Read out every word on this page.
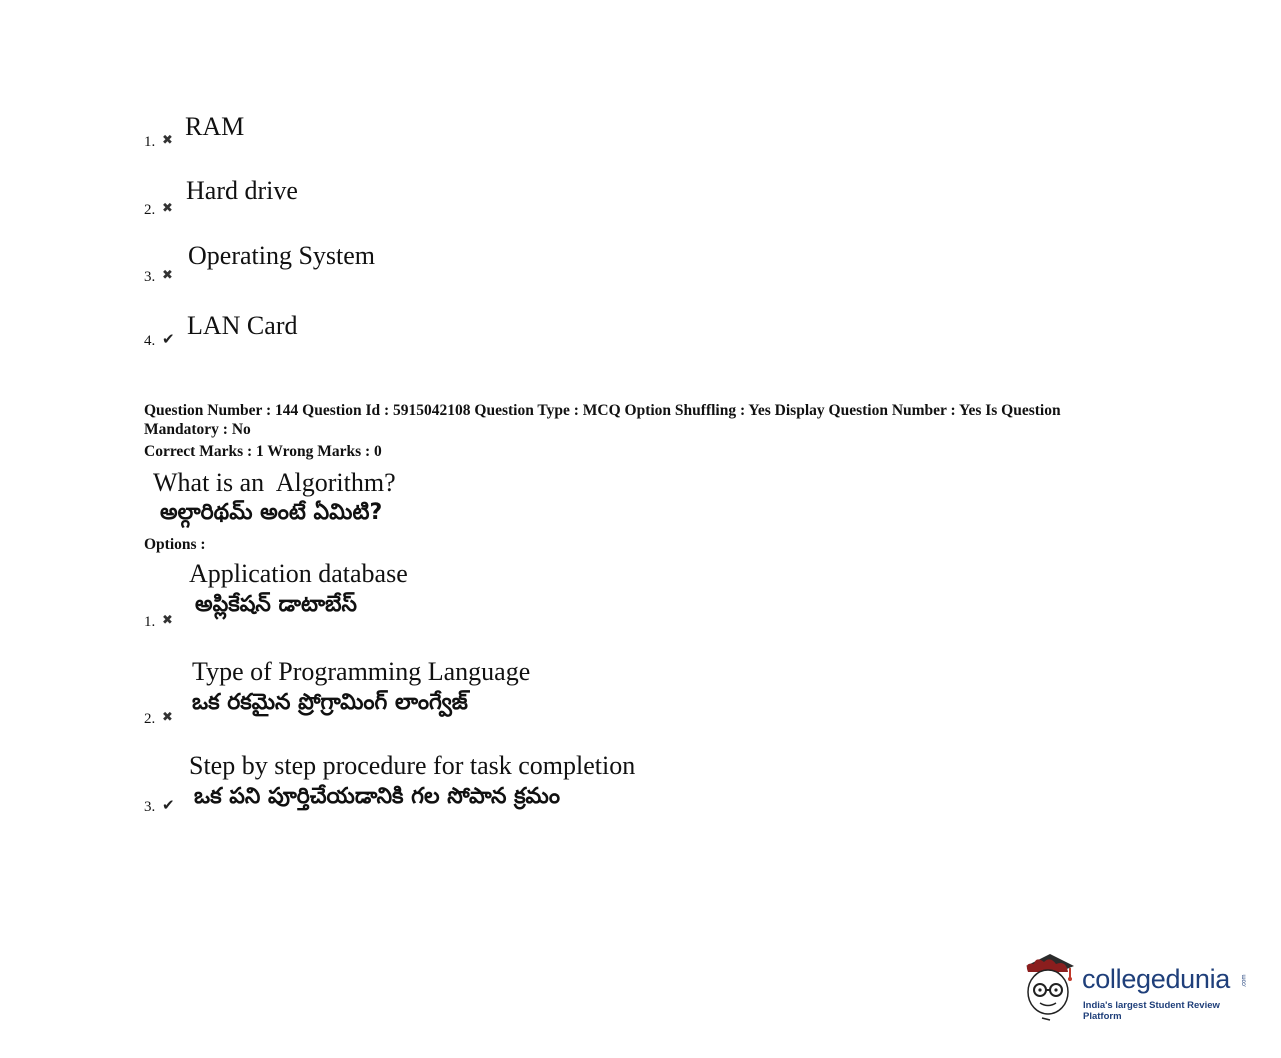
1. ✖ RAM
2. ✖
Hard drive
3. ✖
Operating System
4. ✔ LAN Card
Question Number : 144 Question Id : 5915042108 Question Type : MCQ Option Shuffling : Yes Display Question Number : Yes Is Question
Mandatory : No
Correct Marks : 1 Wrong Marks : 0
What is an  Algorithm?
అల్గారిథమ్ అంటే ఏమిటి?
Options :
Application database
అప్లికేషన్ డాటాబేస్
1. ✖
Type of Programming Language
ఒక రకమైన ప్రోగ్రామింగ్ లాంగ్వేజ్
2. ✖
Step by step procedure for task completion
ఒక పని పూర్తిచేయడానికి గల సోపాన క్రమం
3. ✔
collegedunia .com
India's largest Student Review Platform
